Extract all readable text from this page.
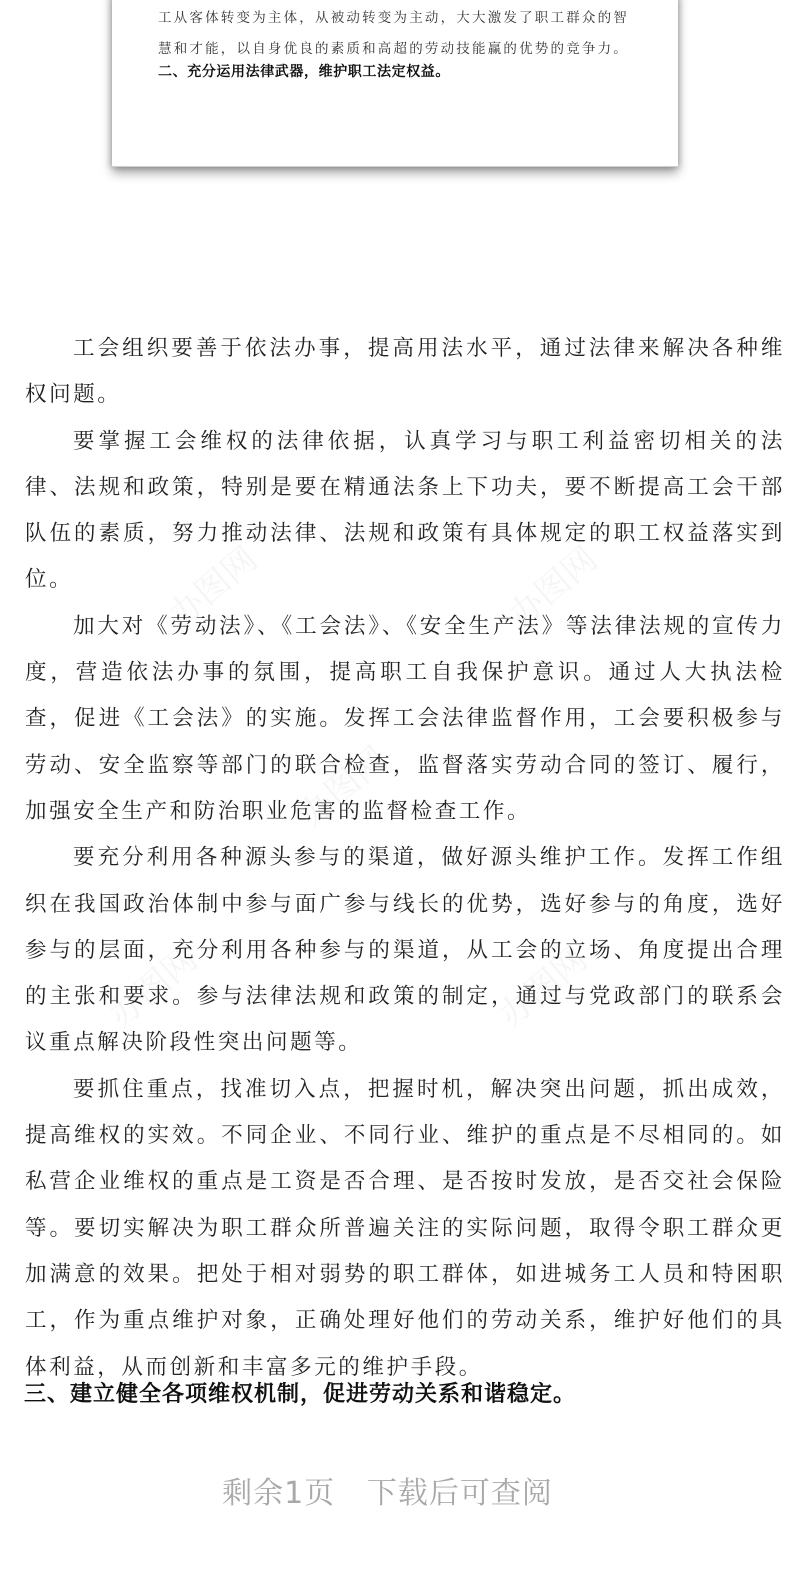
办图网	办图网
办图网
办图网	办图网
工从客体转变为主体，从被动转变为主动，大大激发了职工群众的智
慧和才能，以自身优良的素质和高超的劳动技能赢的优势的竞争力。
二、充分运用法律武器，维护职工法定权益。

工会组织要善于依法办事，提高用法水平，通过法律来解决各种维权问题。

要掌握工会维权的法律依据，认真学习与职工利益密切相关的法律、法规和政策，特别是要在精通法条上下功夫，要不断提高工会干部队伍的素质，努力推动法律、法规和政策有具体规定的职工权益落实到位。

加大对《劳动法》、《工会法》、《安全生产法》等法律法规的宣传力度，营造依法办事的氛围，提高职工自我保护意识。通过人大执法检查，促进《工会法》的实施。发挥工会法律监督作用，工会要积极参与劳动、安全监察等部门的联合检查，监督落实劳动合同的签订、履行，加强安全生产和防治职业危害的监督检查工作。

要充分利用各种源头参与的渠道，做好源头维护工作。发挥工作组织在我国政治体制中参与面广参与线长的优势，选好参与的角度，选好参与的层面，充分利用各种参与的渠道，从工会的立场、角度提出合理的主张和要求。参与法律法规和政策的制定，通过与党政部门的联系会议重点解决阶段性突出问题等。

要抓住重点，找准切入点，把握时机，解决突出问题，抓出成效，提高维权的实效。不同企业、不同行业、维护的重点是不尽相同的。如私营企业维权的重点是工资是否合理、是否按时发放，是否交社会保险等。要切实解决为职工群众所普遍关注的实际问题，取得令职工群众更加满意的效果。把处于相对弱势的职工群体，如进城务工人员和特困职工，作为重点维护对象，正确处理好他们的劳动关系，维护好他们的具体利益，从而创新和丰富多元的维护手段。

三、建立健全各项维权机制，促进劳动关系和谐稳定。
剩余1页   下载后可查阅
